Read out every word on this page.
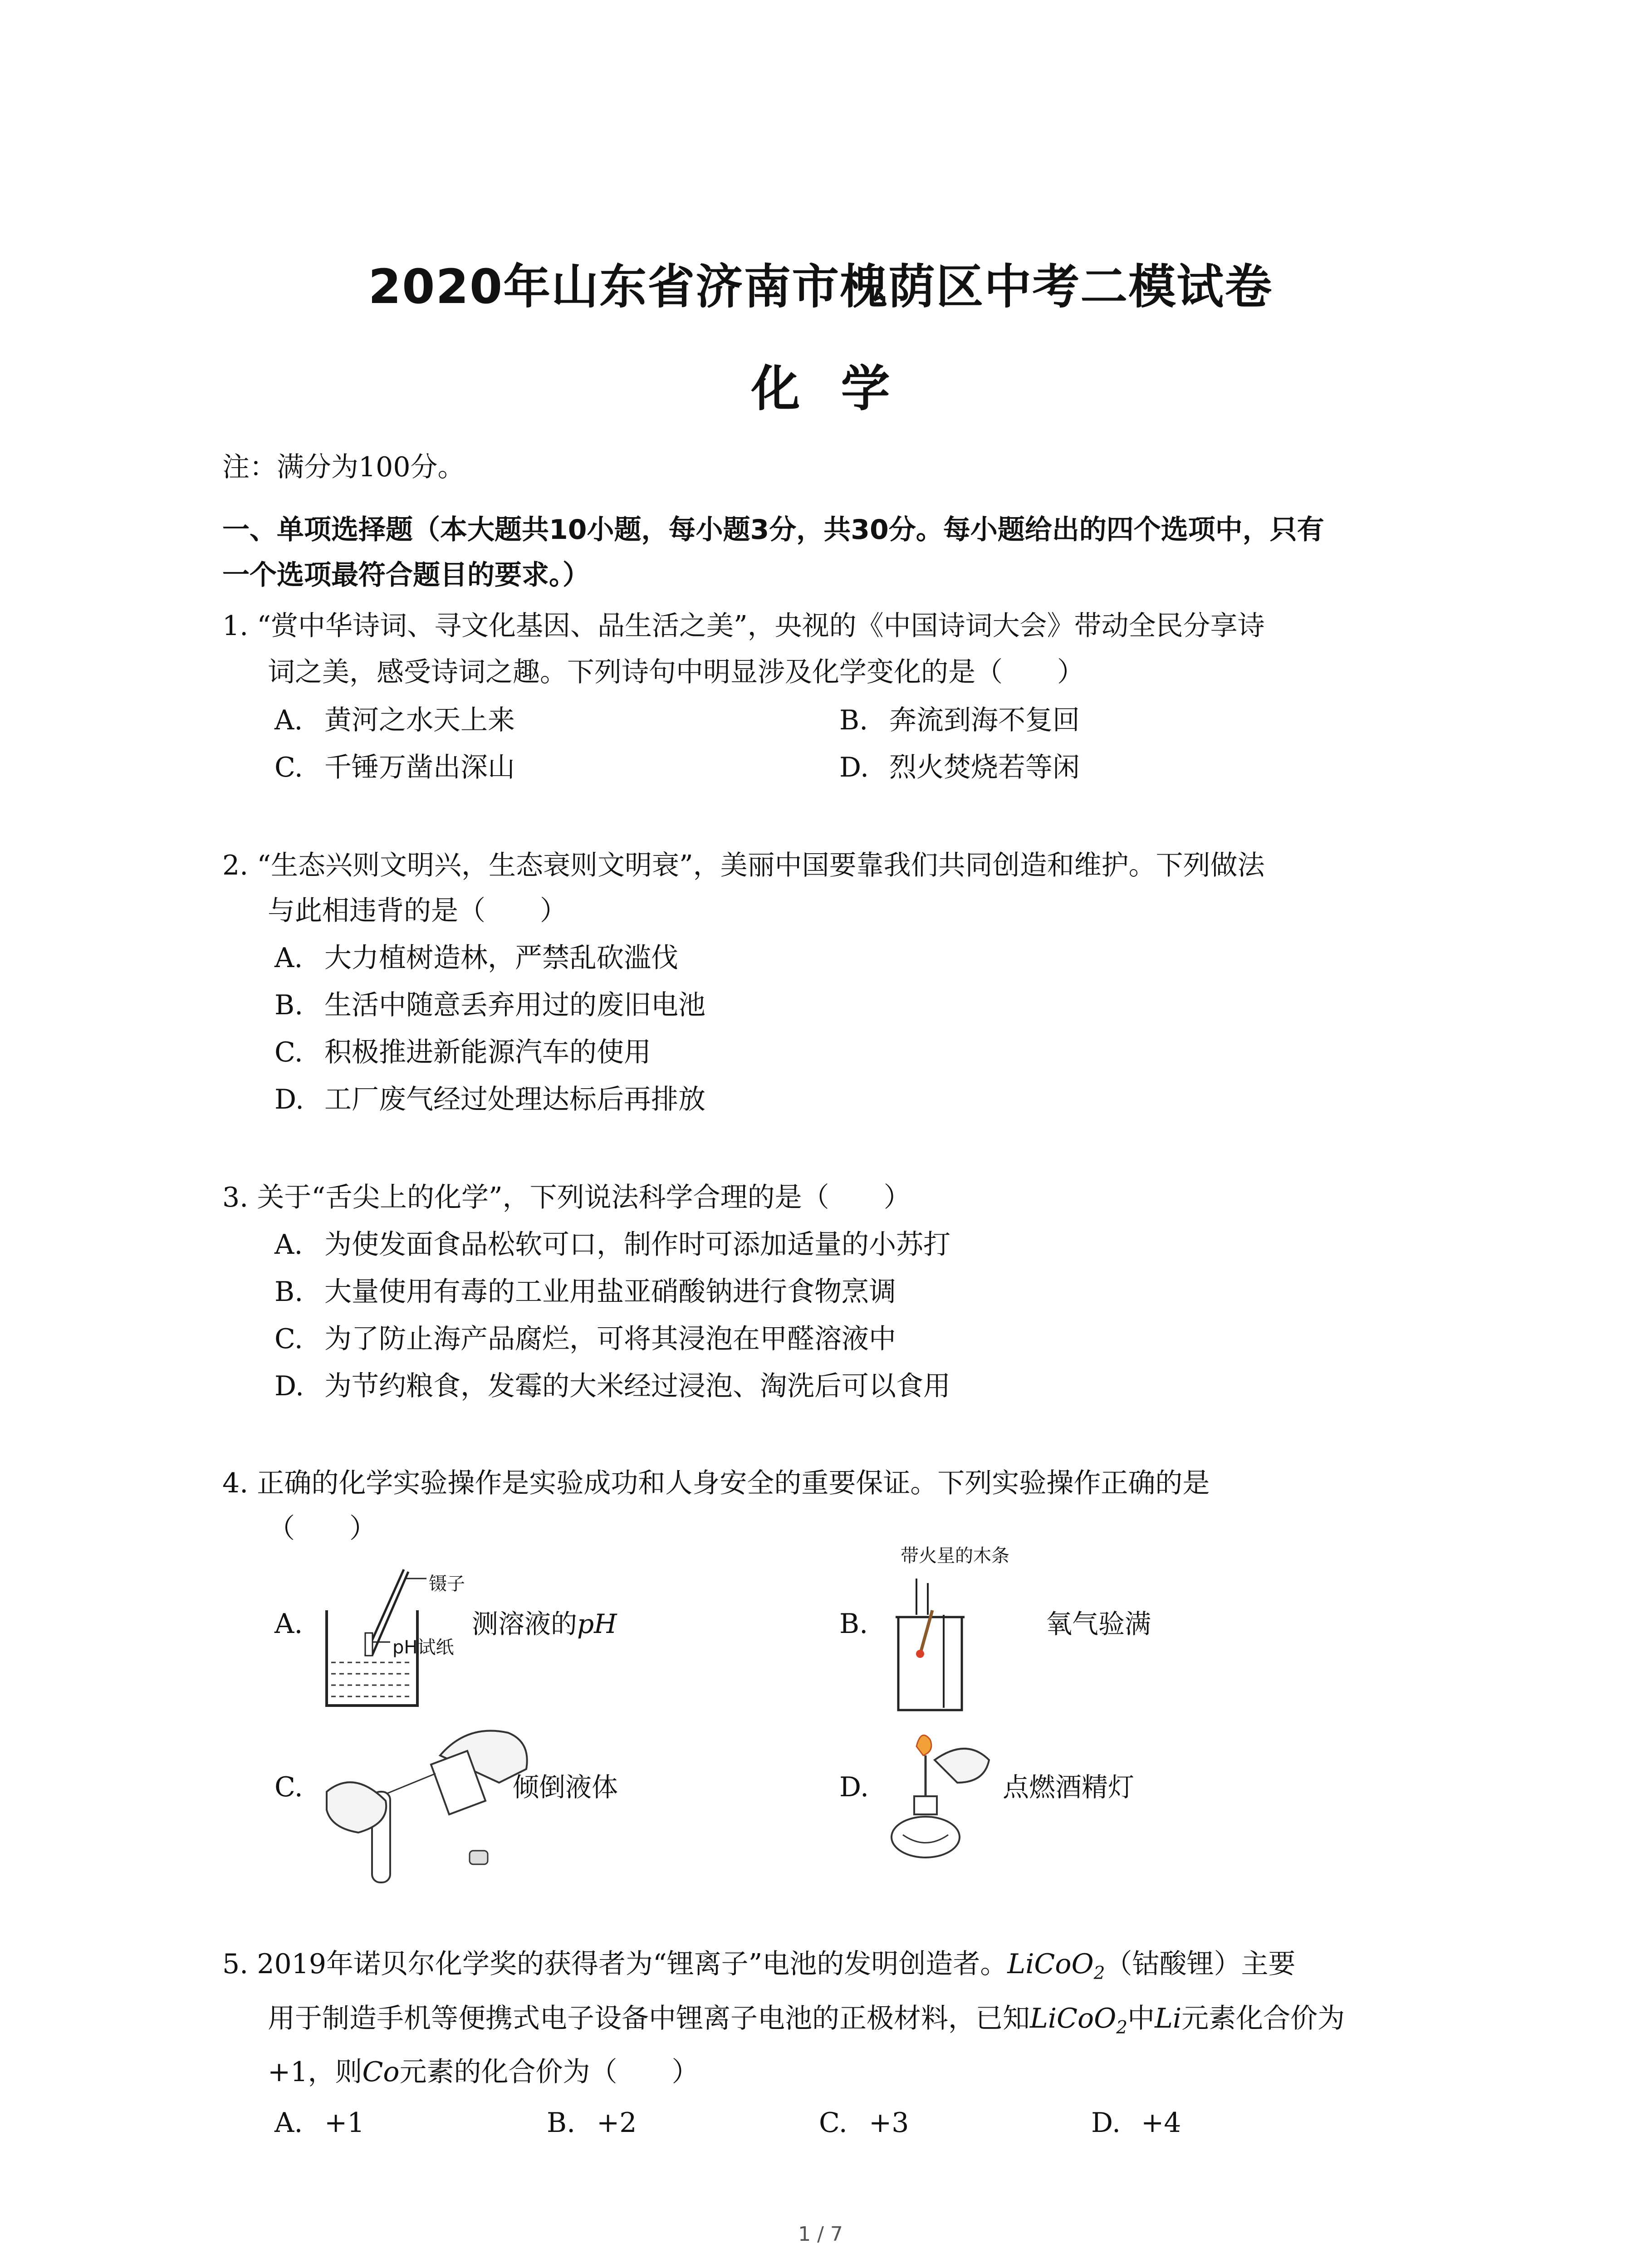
2020年山东省济南市槐荫区中考二模试卷
化学
注：满分为100分。
一、单项选择题（本大题共10小题，每小题3分，共30分。每小题给出的四个选项中，只有
一个选项最符合题目的要求。）
1. “赏中华诗词、寻文化基因、品生活之美”，央视的《中国诗词大会》带动全民分享诗
词之美，感受诗词之趣。下列诗句中明显涉及化学变化的是（　　）
A. 黄河之水天上来	B. 奔流到海不复回
C. 千锤万凿出深山	D. 烈火焚烧若等闲
2. “生态兴则文明兴，生态衰则文明衰”，美丽中国要靠我们共同创造和维护。下列做法
与此相违背的是（　　）
A. 大力植树造林，严禁乱砍滥伐
B. 生活中随意丢弃用过的废旧电池
C. 积极推进新能源汽车的使用
D. 工厂废气经过处理达标后再排放
3. 关于“舌尖上的化学”，下列说法科学合理的是（　　）
A. 为使发面食品松软可口，制作时可添加适量的小苏打
B. 大量使用有毒的工业用盐亚硝酸钠进行食物烹调
C. 为了防止海产品腐烂，可将其浸泡在甲醛溶液中
D. 为节约粮食，发霉的大米经过浸泡、淘洗后可以食用
4. 正确的化学实验操作是实验成功和人身安全的重要保证。下列实验操作正确的是
（　　）
A.
镊子
pH试纸
测溶液的pH	B.
带火星的木条
氧气验满
C.	倾倒液体	D.	点燃酒精灯
5. 2019年诺贝尔化学奖的获得者为“锂离子”电池的发明创造者。LiCoO$_2$（钴酸锂）主要
用于制造手机等便携式电子设备中锂离子电池的正极材料，已知LiCoO$_2$中Li元素化合价为
+1，则Co元素的化合价为（　　）
A. +1	B. +2	C. +3	D. +4
1 / 7
